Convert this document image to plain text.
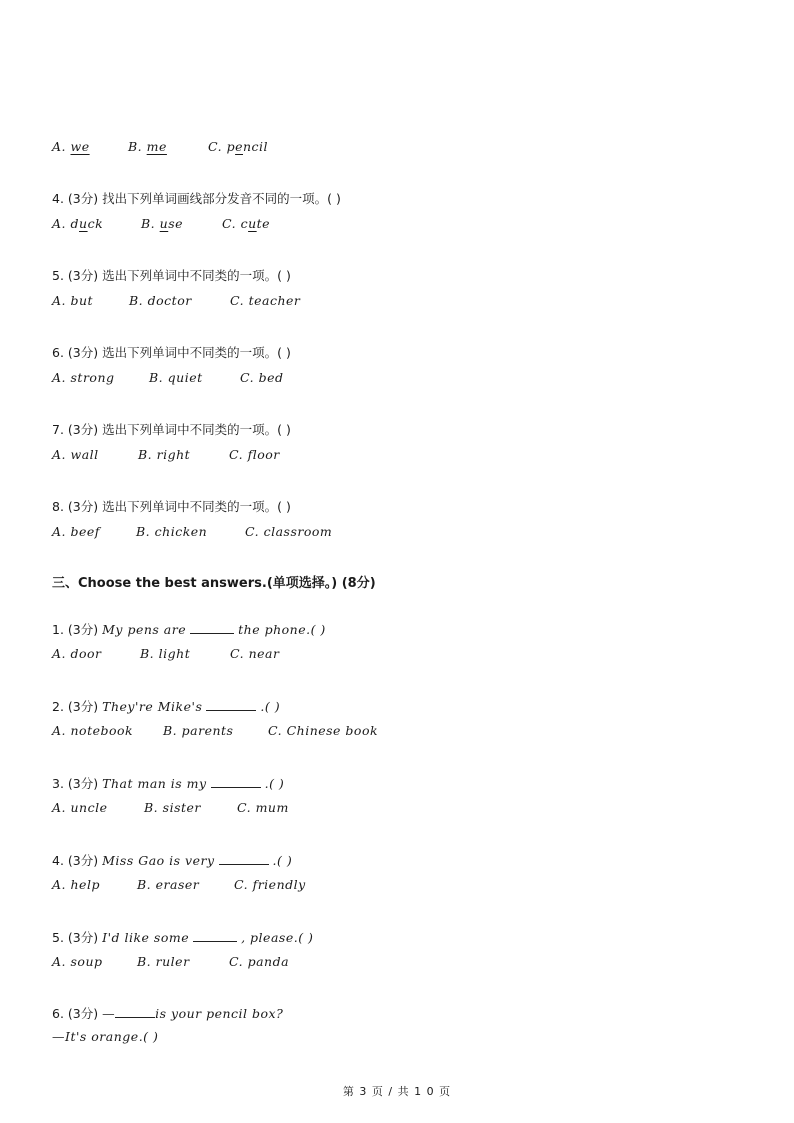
A. we	B. me	C. pencil
4. (3分) 找出下列单词画线部分发音不同的一项。( )
A. duck	B. use	C. cute
5. (3分) 选出下列单词中不同类的一项。( )
A. but	B. doctor	C. teacher
6. (3分) 选出下列单词中不同类的一项。( )
A. strong	B. quiet	C. bed
7. (3分) 选出下列单词中不同类的一项。( )
A. wall	B. right	C. floor
8. (3分) 选出下列单词中不同类的一项。( )
A. beef	B. chicken	C. classroom
三、Choose the best answers.(单项选择。) (8分)
1. (3分) My pens are	the phone.( )
A. door	B. light	C. near
2. (3分) They're Mike's	.( )
A. notebook B. parents	C. Chinese book
3. (3分) That man is my	.( )
A. uncle	B. sister	C. mum
4. (3分) Miss Gao is very	.( )
A. help	B. eraser	C. friendly
5. (3分) I'd like some	, please.( )
A. soup	B. ruler	C. panda
6. (3分) —	is your pencil box?
—It's orange.( )
第 3 页 / 共 1 0 页
